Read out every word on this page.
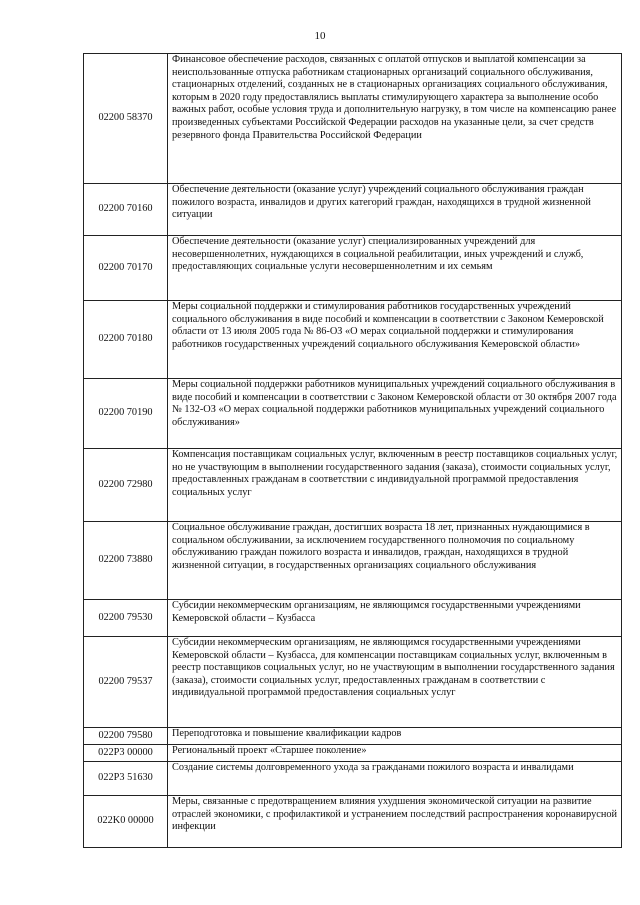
10
02200 58370	Финансовое обеспечение расходов, связанных с оплатой отпусков и выплатой компенсации за неиспользованные отпуска работникам стационарных организаций социального обслуживания, стационарных отделений, созданных не в стационарных организациях социального обслуживания, которым в 2020 году предоставлялись выплаты стимулирующего характера за выполнение особо важных работ, особые условия труда и дополнительную нагрузку, в том числе на компенсацию ранее произведенных субъектами Российской Федерации расходов на указанные цели, за счет средств резервного фонда Правительства Российской Федерации
02200 70160	Обеспечение деятельности (оказание услуг) учреждений социального обслуживания граждан пожилого возраста, инвалидов и других категорий граждан, находящихся в трудной жизненной ситуации
02200 70170	Обеспечение деятельности (оказание услуг) специализированных учреждений для несовершеннолетних, нуждающихся в социальной реабилитации, иных учреждений и служб, предоставляющих социальные услуги несовершеннолетним и их семьям
02200 70180	Меры социальной поддержки и стимулирования работников государственных учреждений социального обслуживания в виде пособий и компенсации в соответствии с Законом Кемеровской области от 13 июля 2005 года № 86-ОЗ «О мерах социальной поддержки и стимулирования работников государственных учреждений социального обслуживания Кемеровской области»
02200 70190	Меры социальной поддержки работников муниципальных учреждений социального обслуживания в виде пособий и компенсации в соответствии с Законом Кемеровской области от 30 октября 2007 года № 132-ОЗ «О мерах социальной поддержки работников муниципальных учреждений социального обслуживания»
02200 72980	Компенсация поставщикам социальных услуг, включенным в реестр поставщиков социальных услуг, но не участвующим в выполнении государственного задания (заказа), стоимости социальных услуг, предоставленных гражданам в соответствии с индивидуальной программой предоставления социальных услуг
02200 73880	Социальное обслуживание граждан, достигших возраста 18 лет, признанных нуждающимися в социальном обслуживании, за исключением государственного полномочия по социальному обслуживанию граждан пожилого возраста и инвалидов, граждан, находящихся в трудной жизненной ситуации, в государственных организациях социального обслуживания
02200 79530	Субсидии некоммерческим организациям, не являющимся государственными учреждениями Кемеровской области – Кузбасса
02200 79537	Субсидии некоммерческим организациям, не являющимся государственными учреждениями Кемеровской области – Кузбасса, для компенсации поставщикам социальных услуг, включенным в реестр поставщиков социальных услуг, но не участвующим в выполнении государственного задания (заказа), стоимости социальных услуг, предоставленных гражданам в соответствии с индивидуальной программой предоставления социальных услуг
02200 79580	Переподготовка и повышение квалификации кадров
022P3 00000	Региональный проект «Старшее поколение»
022P3 51630	Создание системы долговременного ухода за гражданами пожилого возраста и инвалидами
022K0 00000	Меры, связанные с предотвращением влияния ухудшения экономической ситуации на развитие отраслей экономики, с профилактикой и устранением последствий распространения коронавирусной инфекции
